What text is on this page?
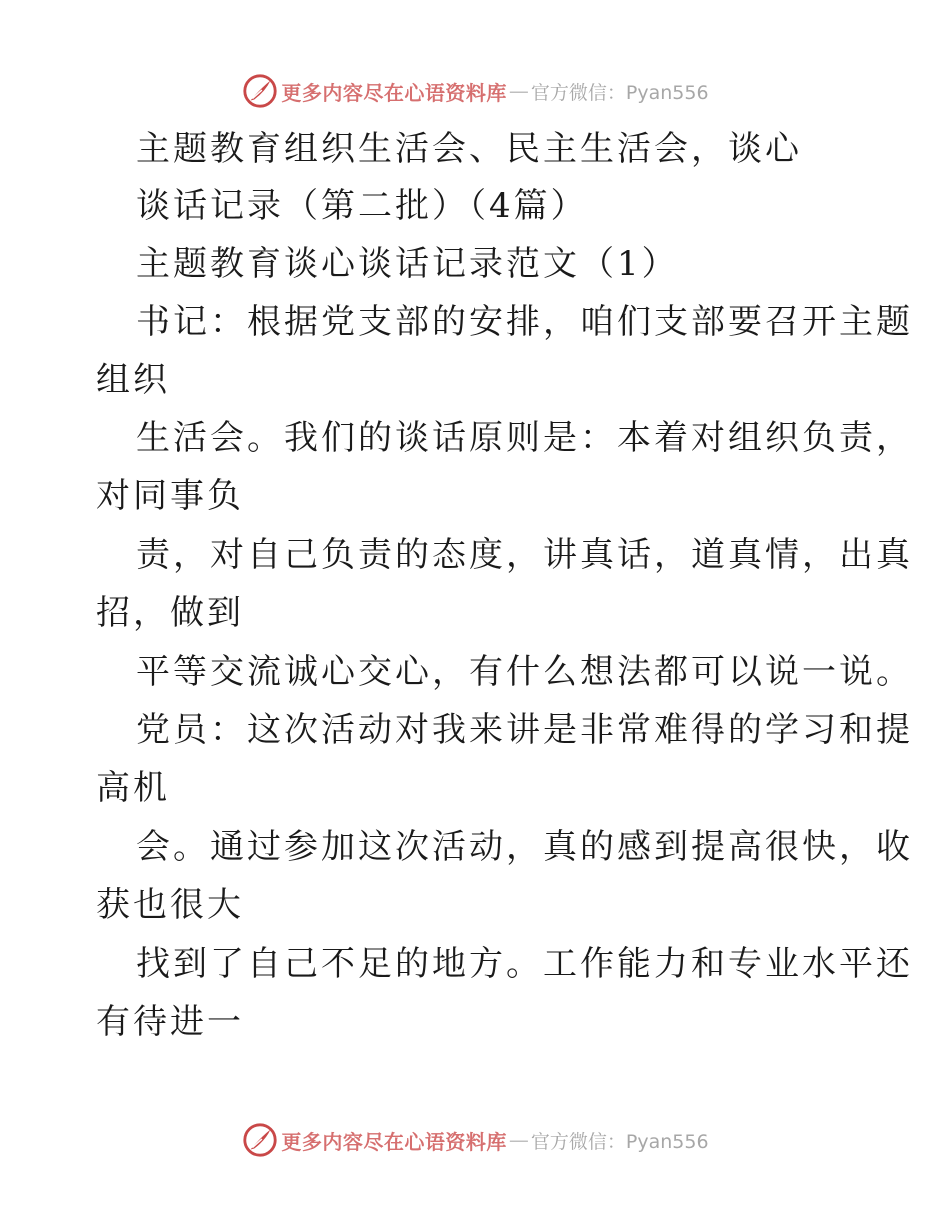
更多内容尽在心语资料库 — 官方微信：Pyan556
主题教育组织生活会、民主生活会，谈心
谈话记录（第二批）（4篇）
主题教育谈心谈话记录范文（1）
书记：根据党支部的安排，咱们支部要召开主题
组织
生活会。我们的谈话原则是：本着对组织负责，
对同事负
责，对自己负责的态度，讲真话，道真情，出真
招，做到
平等交流诚心交心，有什么想法都可以说一说。
党员：这次活动对我来讲是非常难得的学习和提
高机
会。通过参加这次活动，真的感到提高很快，收
获也很大
找到了自己不足的地方。工作能力和专业水平还
有待进一
更多内容尽在心语资料库 — 官方微信：Pyan556
